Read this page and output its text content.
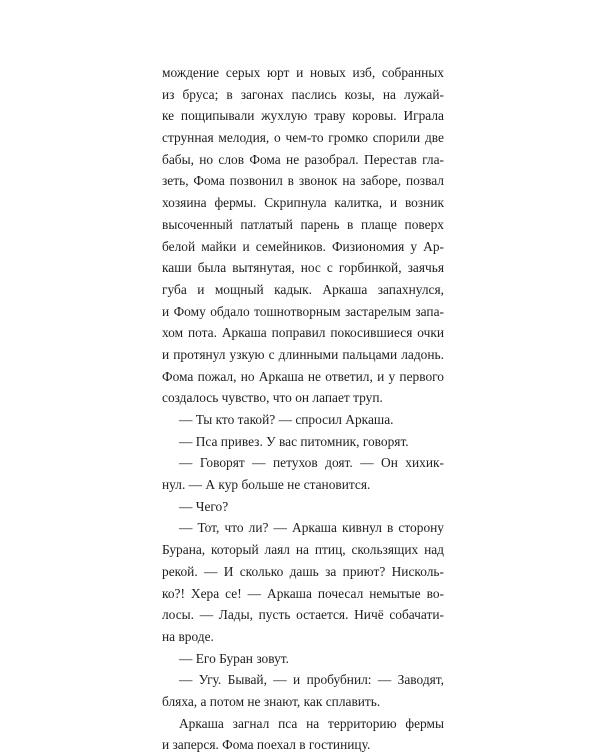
мождение серых юрт и новых изб, собранных
из бруса; в загонах паслись козы, на лужай-
ке пощипывали жухлую траву коровы. Играла
струнная мелодия, о чем-то громко спорили две
бабы, но слов Фома не разобрал. Перестав гла-
зеть, Фома позвонил в звонок на заборе, позвал
хозяина фермы. Скрипнула калитка, и возник
высоченный патлатый парень в плаще поверх
белой майки и семейников. Физиономия у Ар-
каши была вытянутая, нос с горбинкой, заячья
губа и мощный кадык. Аркаша запахнулся,
и Фому обдало тошнотворным застарелым запа-
хом пота. Аркаша поправил покосившиеся очки
и протянул узкую с длинными пальцами ладонь.
Фома пожал, но Аркаша не ответил, и у первого
создалось чувство, что он лапает труп.
— Ты кто такой? — спросил Аркаша.
— Пса привез. У вас питомник, говорят.
— Говорят — петухов доят. — Он хихик-
нул. — А кур больше не становится.
— Чего?
— Тот, что ли? — Аркаша кивнул в сторону
Бурана, который лаял на птиц, скользящих над
рекой. — И сколько дашь за приют? Нисколь-
ко?! Хера се! — Аркаша почесал немытые во-
лосы. — Лады, пусть остается. Ничё собачати-
на вроде.
— Его Буран зовут.
— Угу. Бывай, — и пробубнил: — Заводят,
бляха, а потом не знают, как сплавить.
Аркаша загнал пса на территорию фермы
и заперся. Фома поехал в гостиницу.
